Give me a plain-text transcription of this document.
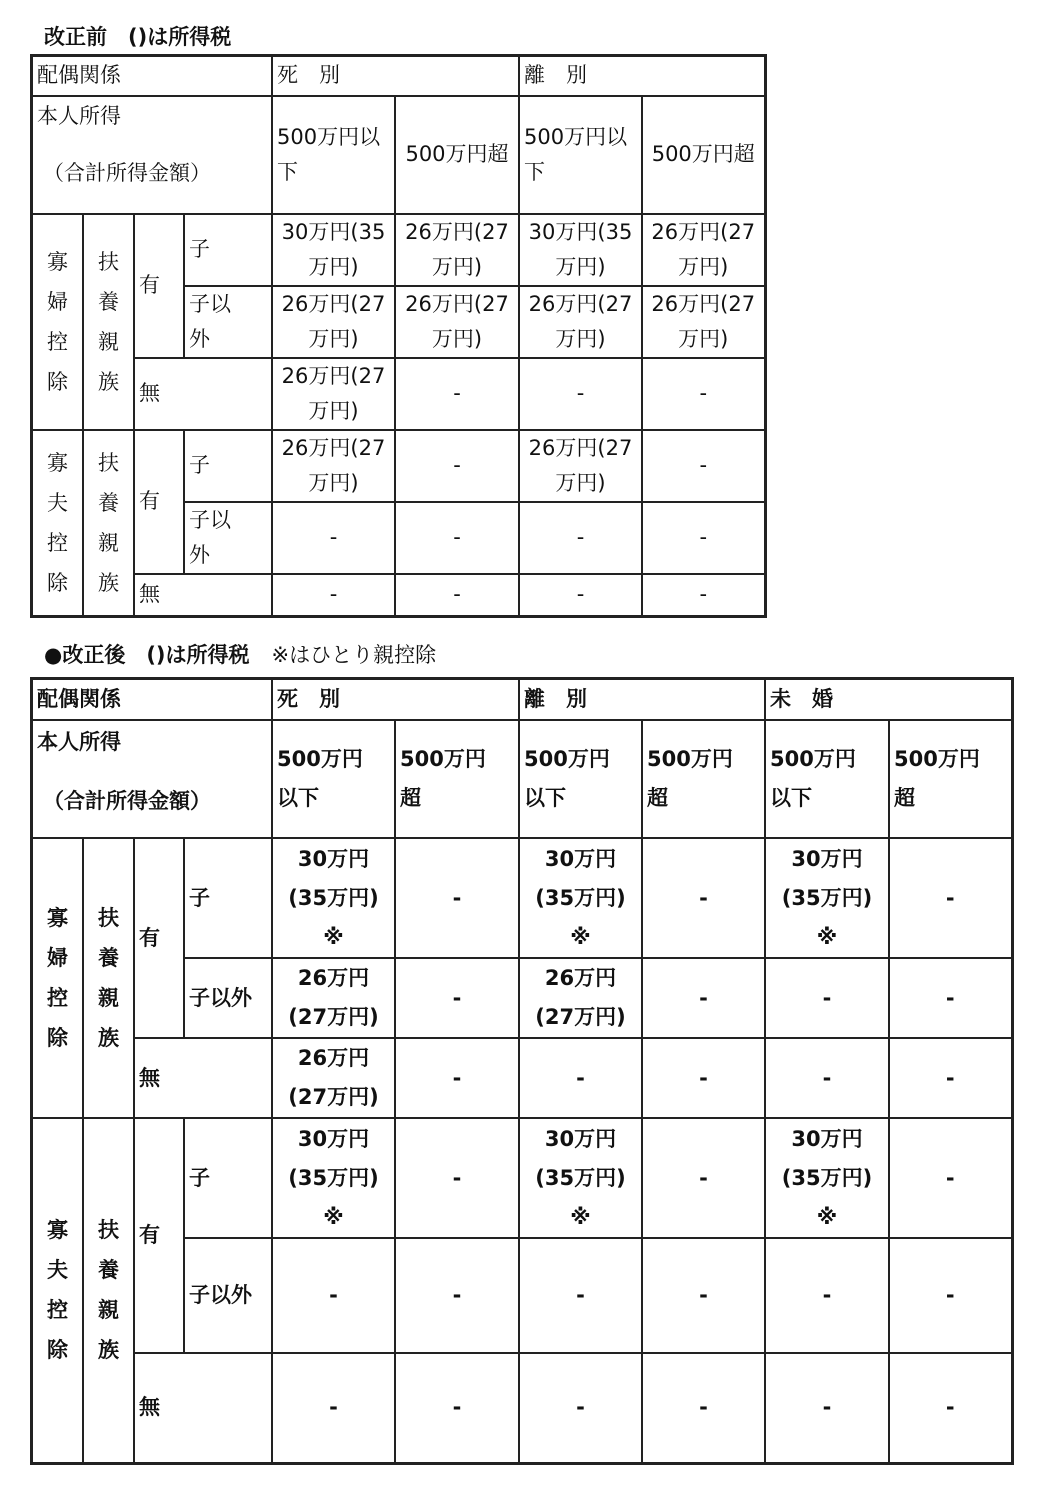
改正前　()は所得税
配偶関係				死　別		離　別	

本人所得
（合計所得金額）				500万円以下	500万円超	500万円以下	500万円超
寡婦控除	扶養親族	有	子	30万円(35万円)	26万円(27万円)	30万円(35万円)	26万円(27万円)
			子以外	26万円(27万円)	26万円(27万円)	26万円(27万円)	26万円(27万円)
		無		26万円(27万円)	-	-	-
寡夫控除	扶養親族	有	子	26万円(27万円)	-	26万円(27万円)	-
			子以外	-	-	-	-
		無		-	-	-	-
●改正後　()は所得税 ※はひとり親控除
配偶関係				死　別		離　別		未　婚	

本人所得
（合計所得金額）				500万円以下	500万円超	500万円以下	500万円超	500万円以下	500万円超
寡婦控除	扶養親族	有	子	30万円(35万円)※	-	30万円(35万円)※	-	30万円(35万円)※	-
			子以外	26万円(27万円)	-	26万円(27万円)	-	-	-
		無		26万円(27万円)	-	-	-	-	-
寡夫控除	扶養親族	有	子	30万円(35万円)※	-	30万円(35万円)※	-	30万円(35万円)※	-
			子以外	-	-	-	-	-	-
		無		-	-	-	-	-	-
